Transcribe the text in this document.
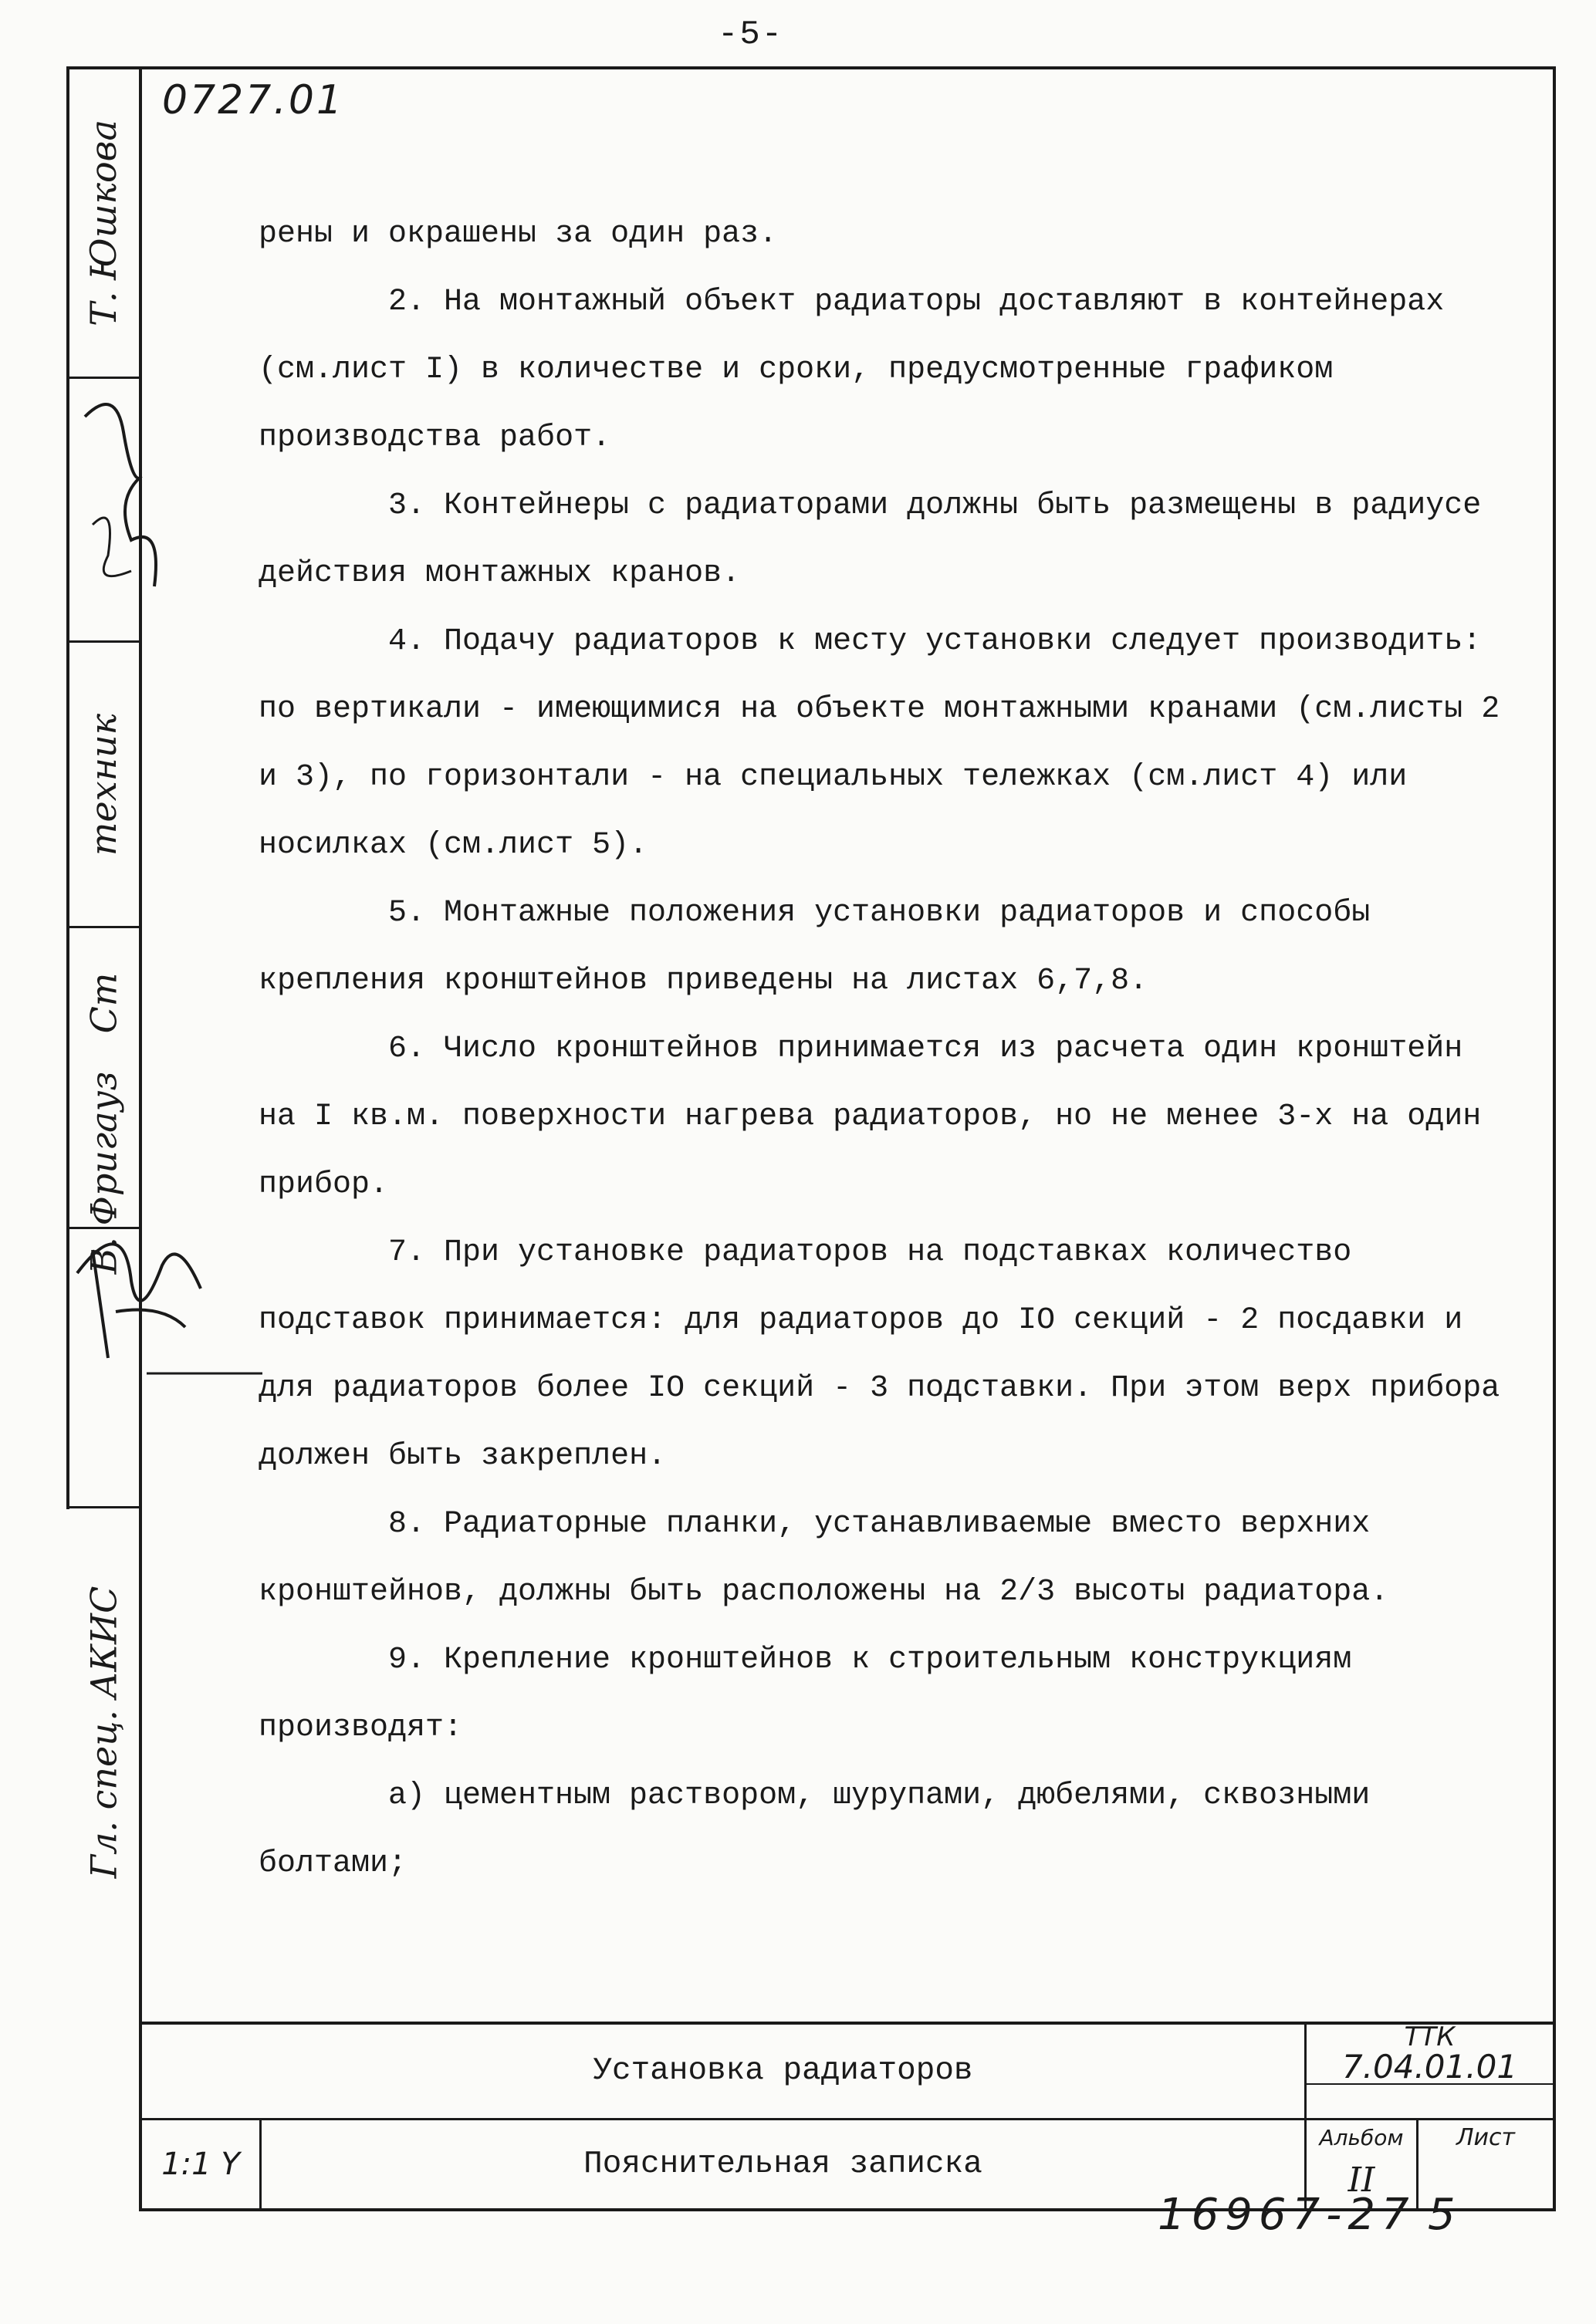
-5-
Т. Юшкова
техник
Ст
В. Фригауз
Гл. спец. АКИС
0727.01

рены и окрашены за один раз.

2. На монтажный объект радиаторы доставляют в контейнерах (см.лист I) в количестве и сроки, предусмотренные графиком производства работ.

3. Контейнеры с радиаторами должны быть размещены в радиусе действия монтажных кранов.

4. Подачу радиаторов к месту установки следует производить: по вертикали - имеющимися на объекте монтажными кранами (см.листы 2 и 3), по горизонтали - на специальных тележках (см.лист 4) или носилках (см.лист 5).

5. Монтажные положения установки радиаторов и способы крепления кронштейнов приведены на листах 6,7,8.

6. Число кронштейнов принимается из расчета один кронштейн на I кв.м. поверхности нагрева радиаторов, но не менее 3-х на один прибор.

7. При установке радиаторов на подставках количество подставок принимается: для радиаторов до IO секций - 2 посдавки и для радиаторов более IO секций - 3 подставки. При этом верх прибора должен быть закреплен.

8. Радиаторные планки, устанавливаемые вместо верхних кронштейнов, должны быть расположены на 2/3 высоты радиатора.

9. Крепление кронштейнов к строительным конструкциям производят:

а) цементным раствором, шурупами, дюбелями, сквозными болтами;

Установка радиаторов
Пояснительная записка
1:1 Y
ТТК
7.04.01.01
Альбом
II
Лист
16967-27 5
